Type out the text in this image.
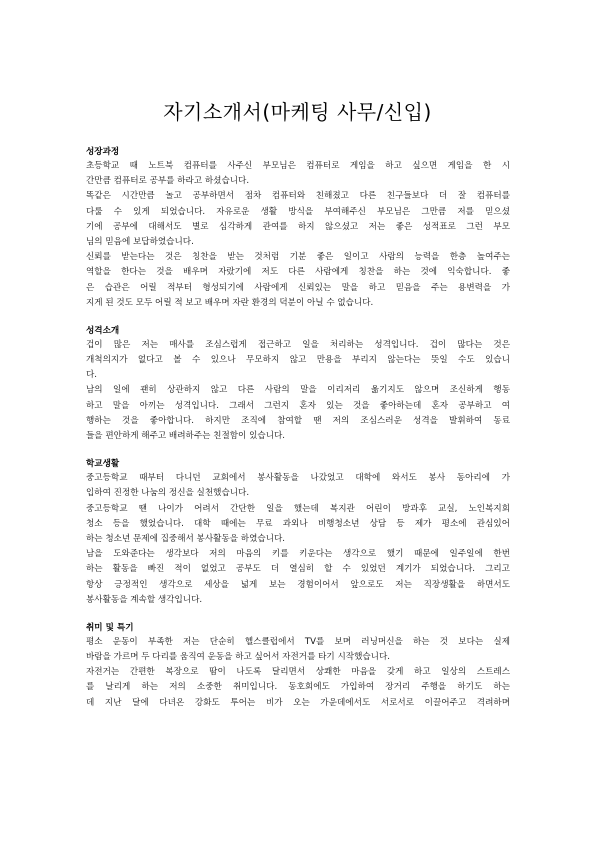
자기소개서(마케팅 사무/신입)
성장과정
초등학교 때 노트북 컴퓨터를 사주신 부모님은 컴퓨터로 게임을 하고 싶으면 게임을 한 시
간만큼 컴퓨터로 공부를 하라고 하셨습니다.
똑같은 시간만큼 놀고 공부하면서 점차 컴퓨터와 친해졌고 다른 친구들보다 더 잘 컴퓨터를
다룰 수 있게 되었습니다. 자유로운 생활 방식을 부여해주신 부모님은 그만큼 저를 믿으셨
기에 공부에 대해서도 별로 심각하게 관여를 하지 않으셨고 저는 좋은 성적표로 그런 부모
님의 믿음에 보답하였습니다.
신뢰를 받는다는 것은 칭찬을 받는 것처럼 기분 좋은 일이고 사람의 능력을 한층 높여주는
역할을 한다는 것을 배우며 자랐기에 저도 다른 사람에게 칭찬을 하는 것에 익숙합니다. 좋
은 습관은 어릴 적부터 형성되기에 사람에게 신뢰있는 말을 하고 믿음을 주는 용변력을 가
지게 된 것도 모두 어릴 적 보고 배우며 자란 환경의 덕분이 아닐 수 없습니다.
성격소개
겁이 많은 저는 매사를 조심스럽게 접근하고 일을 처리하는 성격입니다. 겁이 많다는 것은
개척의지가 없다고 볼 수 있으나 무모하지 않고 만용을 부리지 않는다는 뜻일 수도 있습니
다.
남의 일에 괜히 상관하지 않고 다른 사람의 말을 이리저리 옮기지도 않으며 조신하게 행동
하고 말을 아끼는 성격입니다. 그래서 그런지 혼자 있는 것을 좋아하는데 혼자 공부하고 여
행하는 것을 좋아합니다. 하지만 조직에 참여할 땐 저의 조심스러운 성격을 발휘하여 동료
들을 편안하게 해주고 배려하주는 친절함이 있습니다.
학교생활
중고등학교 때부터 다니던 교회에서 봉사활동을 나갔었고 대학에 와서도 봉사 동아리에 가
입하여 진정한 나눔의 정신을 실천했습니다.
중고등학교 땐 나이가 어려서 간단한 일을 했는데 복지관 어린이 방과후 교실, 노인복지회
청소 등을 했었습니다. 대학 때에는 무료 과외나 비행청소년 상담 등 제가 평소에 관심있어
하는 청소년 문제에 집중해서 봉사활동을 하였습니다.
남을 도와준다는 생각보다 저의 마음의 키를 키운다는 생각으로 했기 때문에 일주일에 한번
하는 활동을 빠진 적이 없었고 공부도 더 열심히 할 수 있었던 계기가 되었습니다. 그리고
항상 긍정적인 생각으로 세상을 넓게 보는 경험이어서 앞으로도 저는 직장생활을 하면서도
봉사활동을 계속할 생각입니다.
취미 및 특기
평소 운동이 부족한 저는 단순히 헬스클럽에서 TV를 보며 러닝머신을 하는 것 보다는 실제
바람을 가르며 두 다리를 움직여 운동을 하고 싶어서 자전거를 타기 시작했습니다.
자전거는 간편한 복장으로 땀이 나도록 달리면서 상쾌한 마음을 갖게 하고 일상의 스트레스
를 날리게 하는 저의 소중한 취미입니다. 동호회에도 가입하여 장거리 주행을 하기도 하는
데 지난 달에 다녀온 강화도 투어는 비가 오는 가운데에서도 서로서로 이끌어주고 격려하며
